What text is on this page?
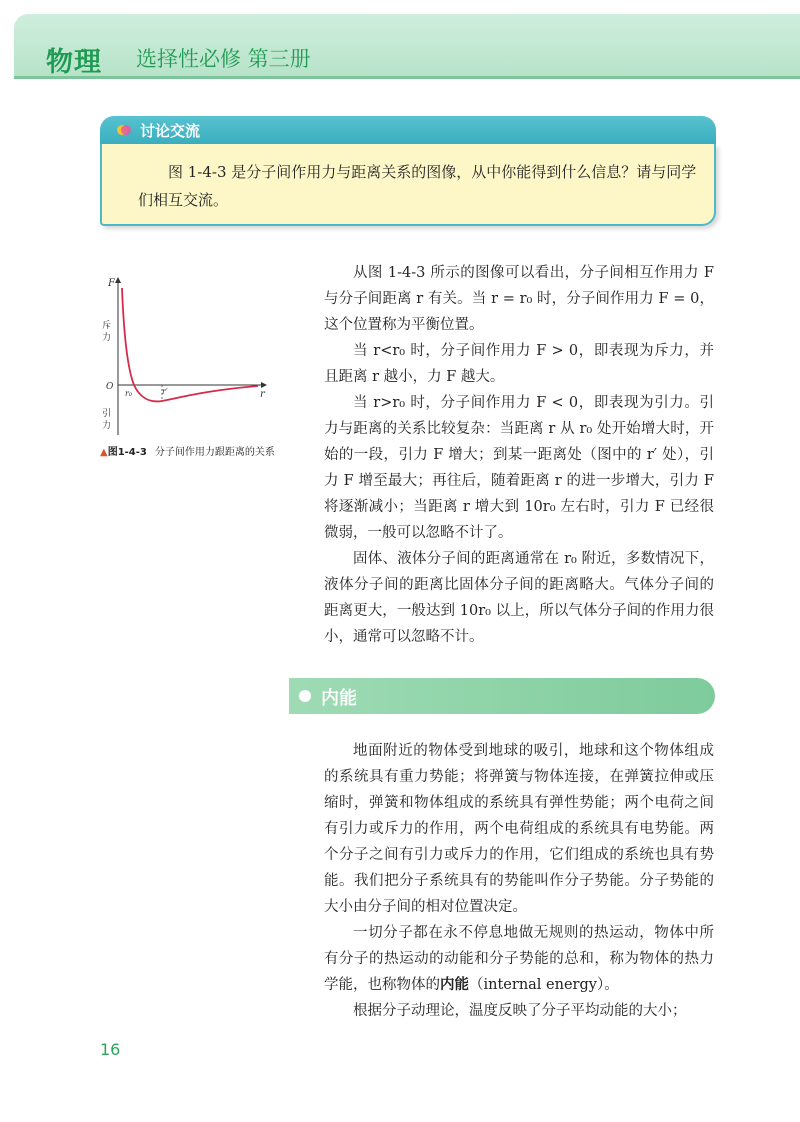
物理 选择性必修 第三册
讨论交流

图 1-4-3 是分子间作用力与距离关系的图像，从中你能得到什么信息？请与同学们相互交流。

F
r
O
斥力
引力
r₀	r′
▲图1-4-3 分子间作用力跟距离的关系

从图 1-4-3 所示的图像可以看出，分子间相互作用力 F 与分子间距离 r 有关。当 r = r₀ 时，分子间作用力 F = 0，这个位置称为平衡位置。

当 r<r₀ 时，分子间作用力 F > 0，即表现为斥力，并且距离 r 越小，力 F 越大。

当 r>r₀ 时，分子间作用力 F < 0，即表现为引力。引力与距离的关系比较复杂：当距离 r 从 r₀ 处开始增大时，开始的一段，引力 F 增大；到某一距离处（图中的 r′ 处），引力 F 增至最大；再往后，随着距离 r 的进一步增大，引力 F 将逐渐减小；当距离 r 增大到 10r₀ 左右时，引力 F 已经很微弱，一般可以忽略不计了。

固体、液体分子间的距离通常在 r₀ 附近，多数情况下，液体分子间的距离比固体分子间的距离略大。气体分子间的距离更大，一般达到 10r₀ 以上，所以气体分子间的作用力很小，通常可以忽略不计。

内能

地面附近的物体受到地球的吸引，地球和这个物体组成的系统具有重力势能；将弹簧与物体连接，在弹簧拉伸或压缩时，弹簧和物体组成的系统具有弹性势能；两个电荷之间有引力或斥力的作用，两个电荷组成的系统具有电势能。两个分子之间有引力或斥力的作用，它们组成的系统也具有势能。我们把分子系统具有的势能叫作分子势能。分子势能的大小由分子间的相对位置决定。

一切分子都在永不停息地做无规则的热运动，物体中所有分子的热运动的动能和分子势能的总和，称为物体的热力学能，也称物体的内能（internal energy）。

根据分子动理论，温度反映了分子平均动能的大小；

16
